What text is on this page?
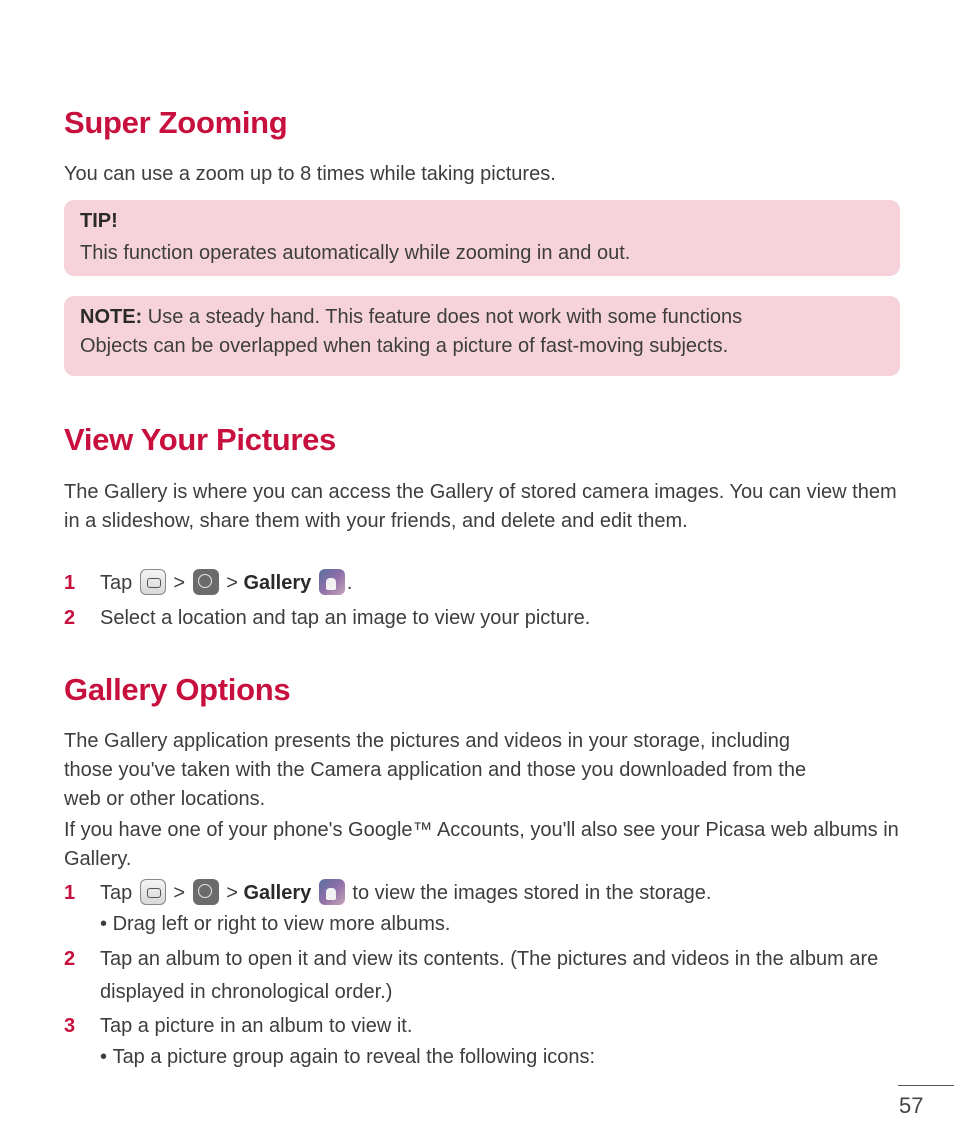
Super Zooming

You can use a zoom up to 8 times while taking pictures.

TIP!
This function operates automatically while zooming in and out.
NOTE: Use a steady hand. This feature does not work with some functions
Objects can be overlapped when taking a picture of fast-moving subjects.
View Your Pictures

The Gallery is where you can access the Gallery of stored camera images. You can view them in a slideshow, share them with your friends, and delete and edit them.

1 Tap > > Gallery .
2 Select a location and tap an image to view your picture.
Gallery Options

The Gallery application presents the pictures and videos in your storage, including those you've taken with the Camera application and those you downloaded from the web or other locations.

If you have one of your phone's Google™ Accounts, you'll also see your Picasa web albums in Gallery.

1 Tap > > Gallery  to view the images stored in the storage.
• Drag left or right to view more albums.
2 Tap an album to open it and view its contents. (The pictures and videos in the album are displayed in chronological order.)
3 Tap a picture in an album to view it.
• Tap a picture group again to reveal the following icons:
57
